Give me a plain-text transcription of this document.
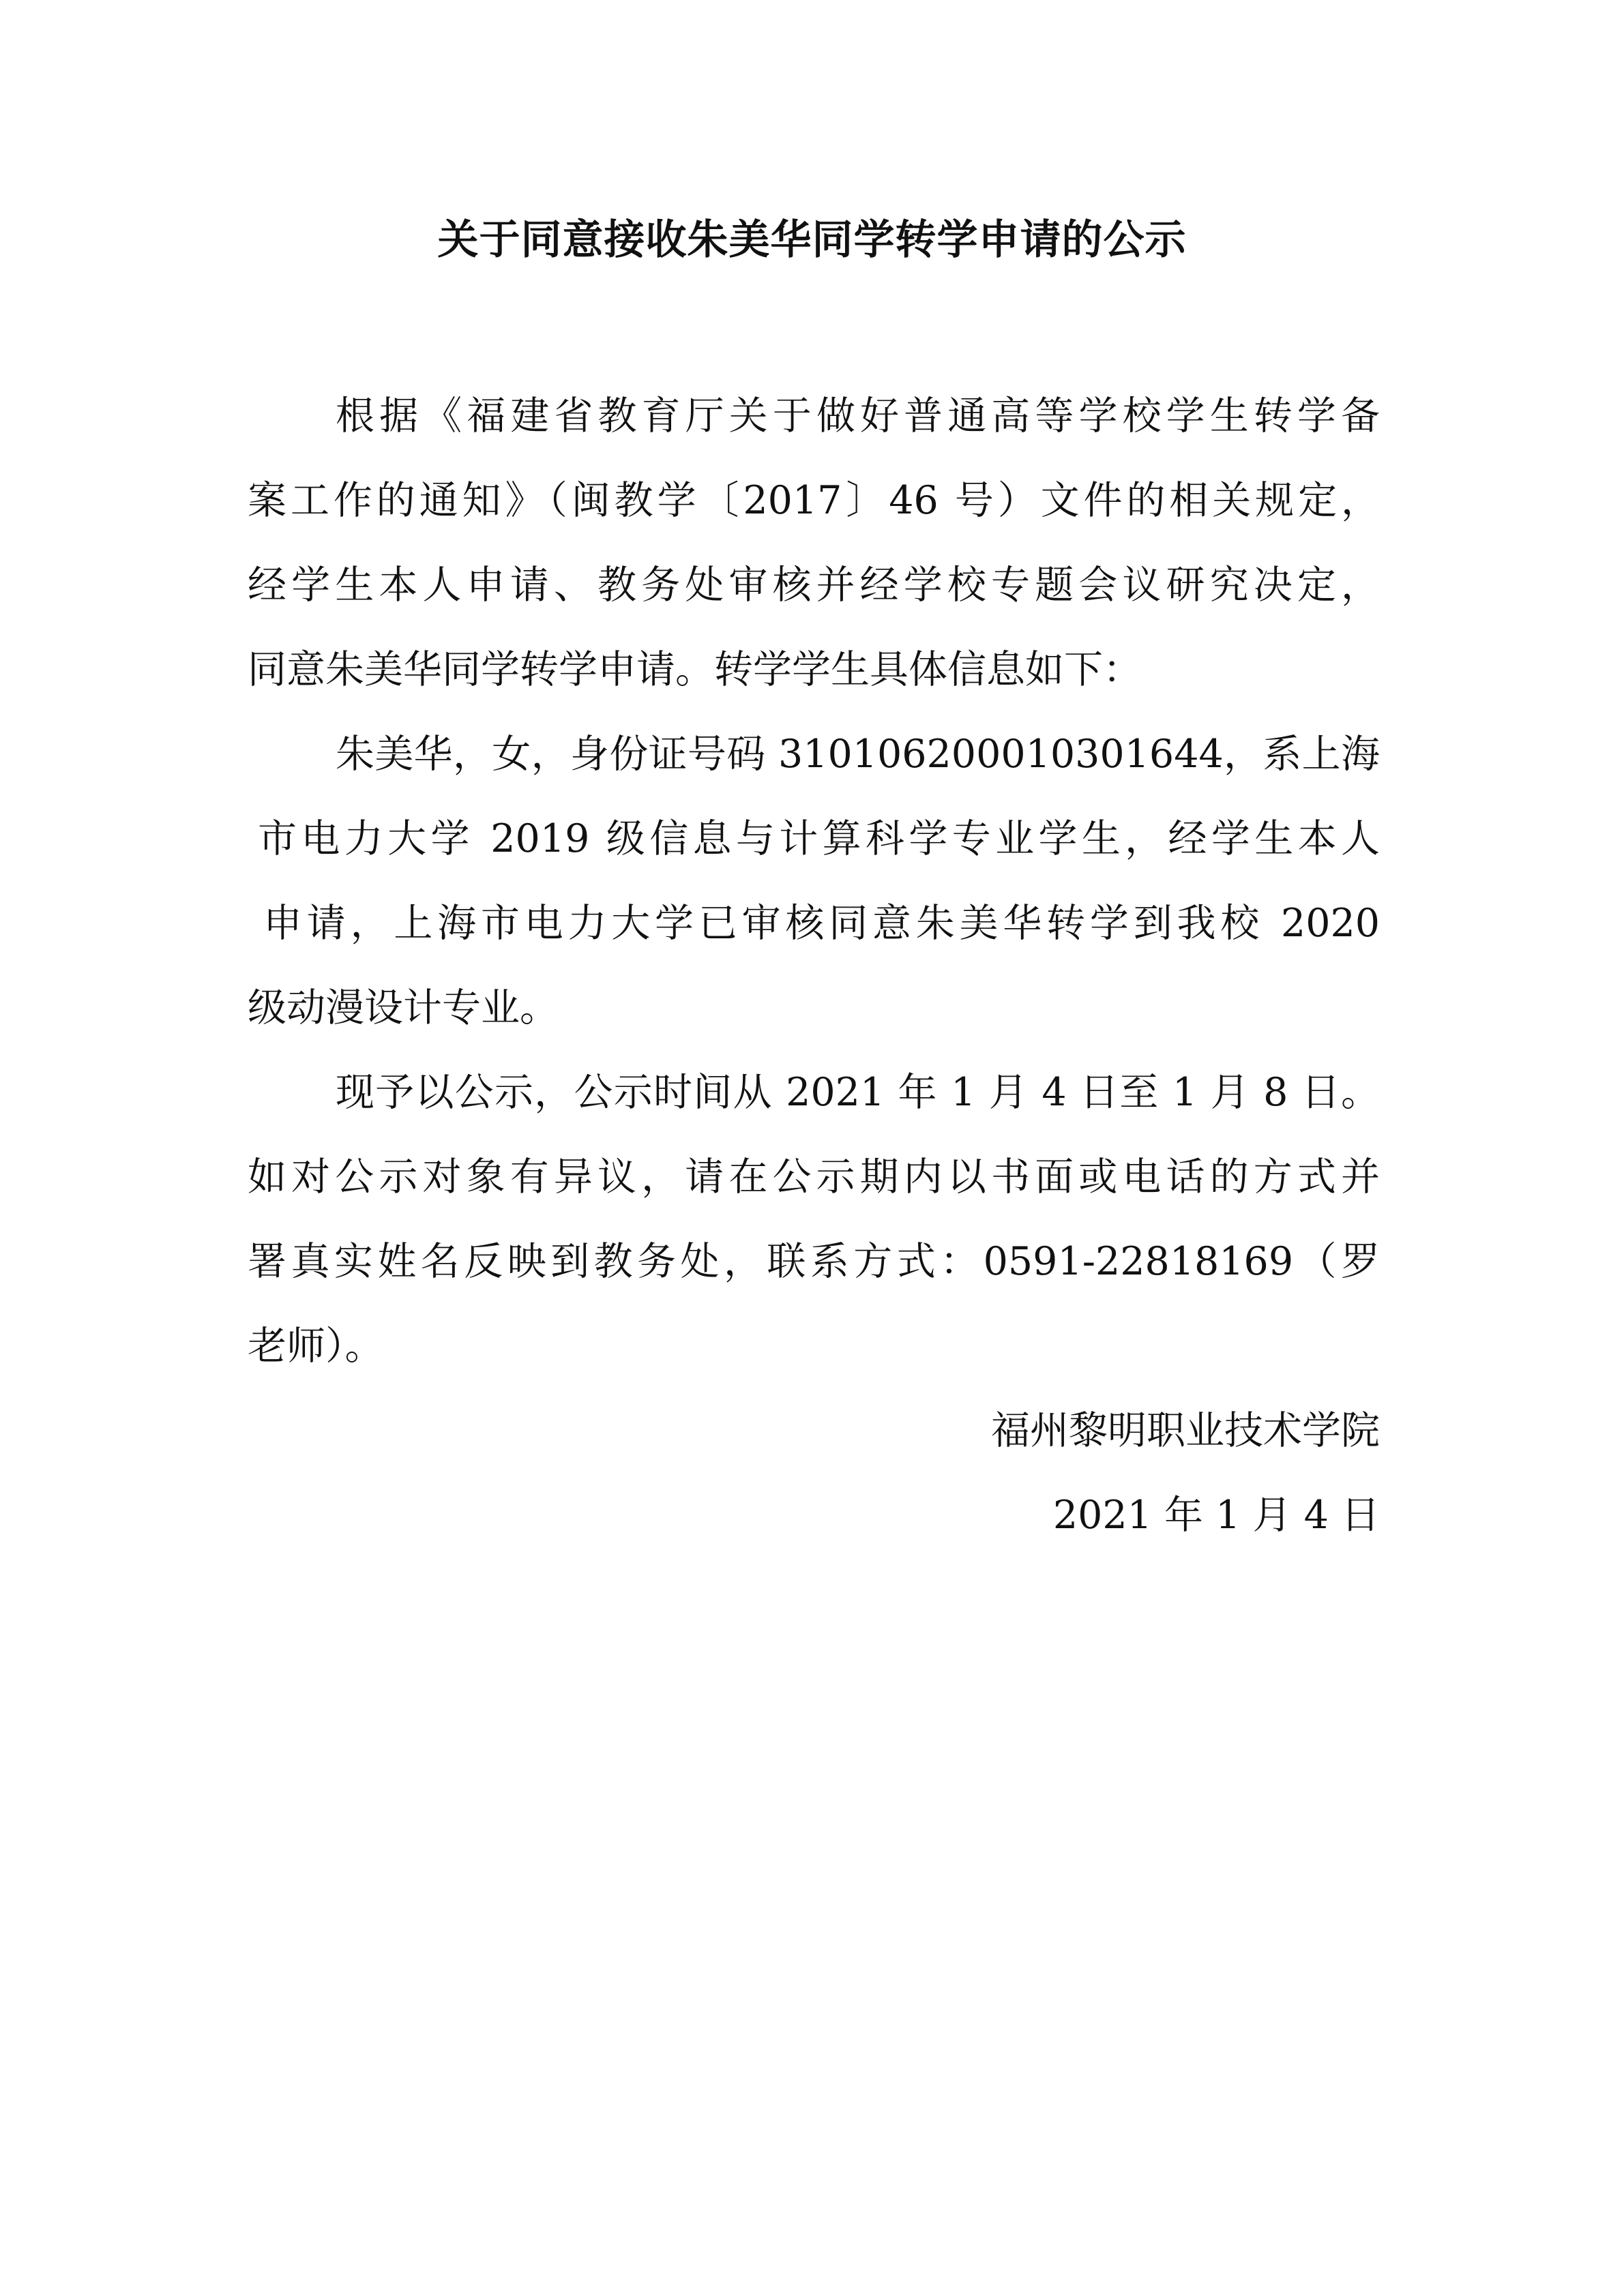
关于同意接收朱美华同学转学申请的公示
根据《福建省教育厅关于做好普通高等学校学生转学备
案工作的通知》（闽教学〔2017〕46 号）文件的相关规定，
经学生本人申请、教务处审核并经学校专题会议研究决定，
同意朱美华同学转学申请。转学学生具体信息如下：
朱美华，女，身份证号码 310106200010301644，系上海
市电力大学 2019 级信息与计算科学专业学生，经学生本人
申请，上海市电力大学已审核同意朱美华转学到我校 2020
级动漫设计专业。
现予以公示，公示时间从 2021 年 1 月 4 日至 1 月 8 日。
如对公示对象有异议，请在公示期内以书面或电话的方式并
署真实姓名反映到教务处，联系方式：0591-22818169（罗
老师）。
福州黎明职业技术学院
2021 年 1 月 4 日
